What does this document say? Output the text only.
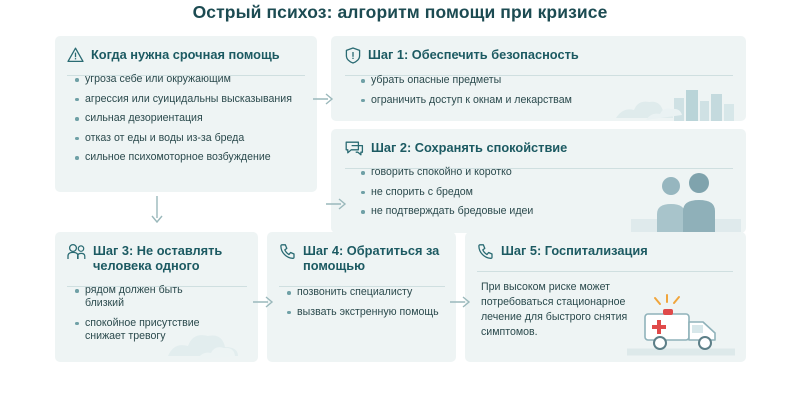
Острый психоз: алгоритм помощи при кризисе
Когда нужна срочная помощь
угроза себе или окружающим
агрессия или суицидальны высказывания
сильная дезориентация
отказ от еды и воды из-за бреда
сильное психомоторное возбуждение
Шаг 1: Обеспечить безопасность
убрать опасные предметы
ограничить доступ к окнам и лекарствам
Шаг 2: Сохранять спокойствие
говорить спокойно и коротко
не спорить с бредом
не подтверждать бредовые идеи
Шаг 3: Не оставлять человека одного
рядом должен быть близкий
спокойное присутствие снижает тревогу
Шаг 4: Обратиться за помощью
позвонить специалисту
вызвать экстренную помощь
Шаг 5: Госпитализация
При высоком риске может потребоваться стационарное лечение для быстрого снятия симптомов.
